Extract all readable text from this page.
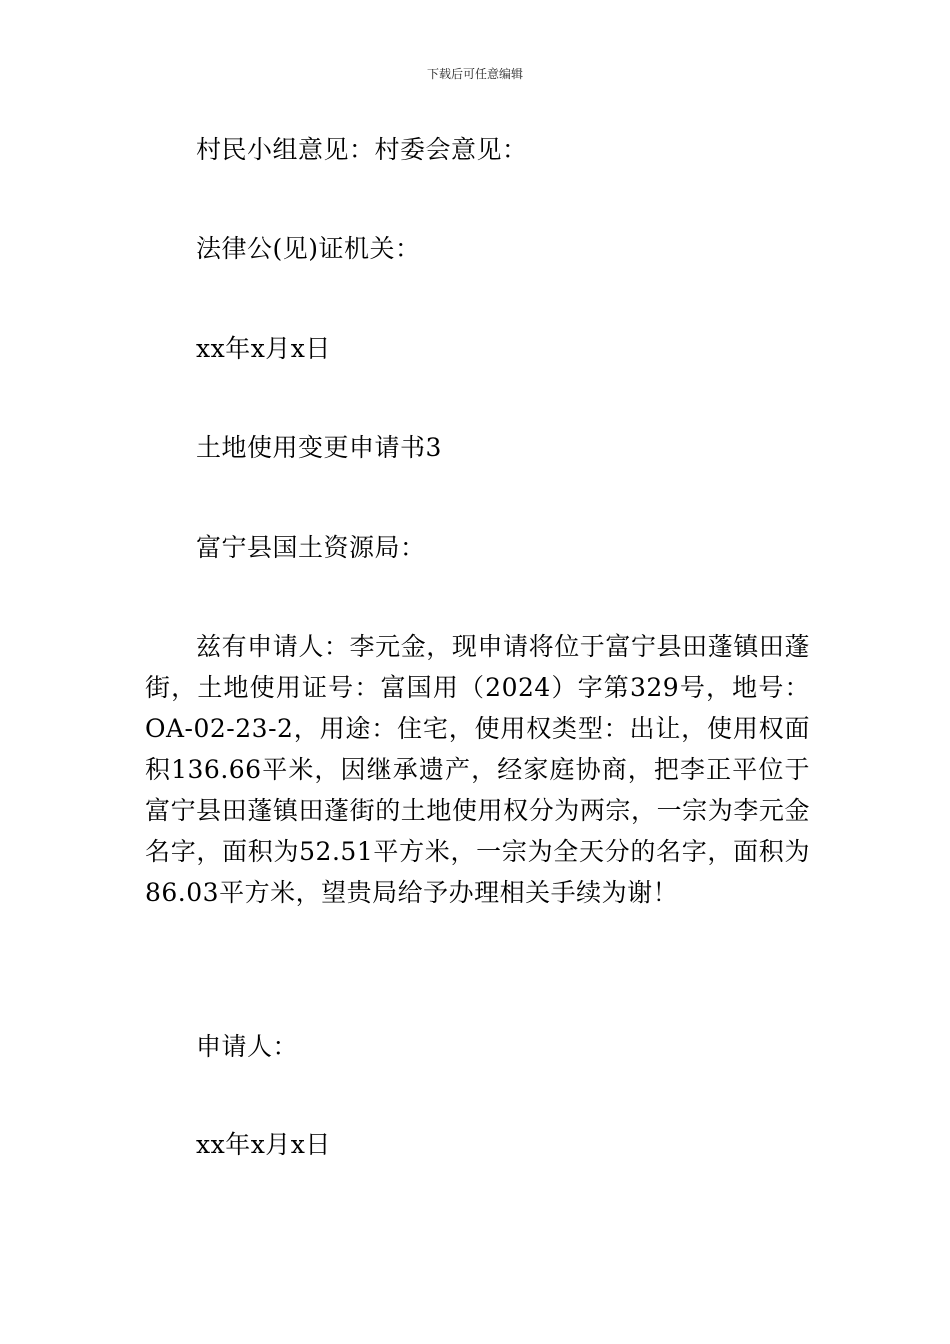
下载后可任意编辑
村民小组意见：村委会意见：
法律公(见)证机关：
xx年x月x日
土地使用变更申请书3
富宁县国土资源局：

兹有申请人：李元金，现申请将位于富宁县田蓬镇田蓬街，土地使用证号：富国用（2024）字第329号，地号：OA-02-23-2，用途：住宅，使用权类型：出让，使用权面积136.66平米，因继承遗产，经家庭协商，把李正平位于富宁县田蓬镇田蓬街的土地使用权分为两宗，一宗为李元金名字，面积为52.51平方米，一宗为全天分的名字，面积为86.03平方米，望贵局给予办理相关手续为谢！

申请人：
xx年x月x日
